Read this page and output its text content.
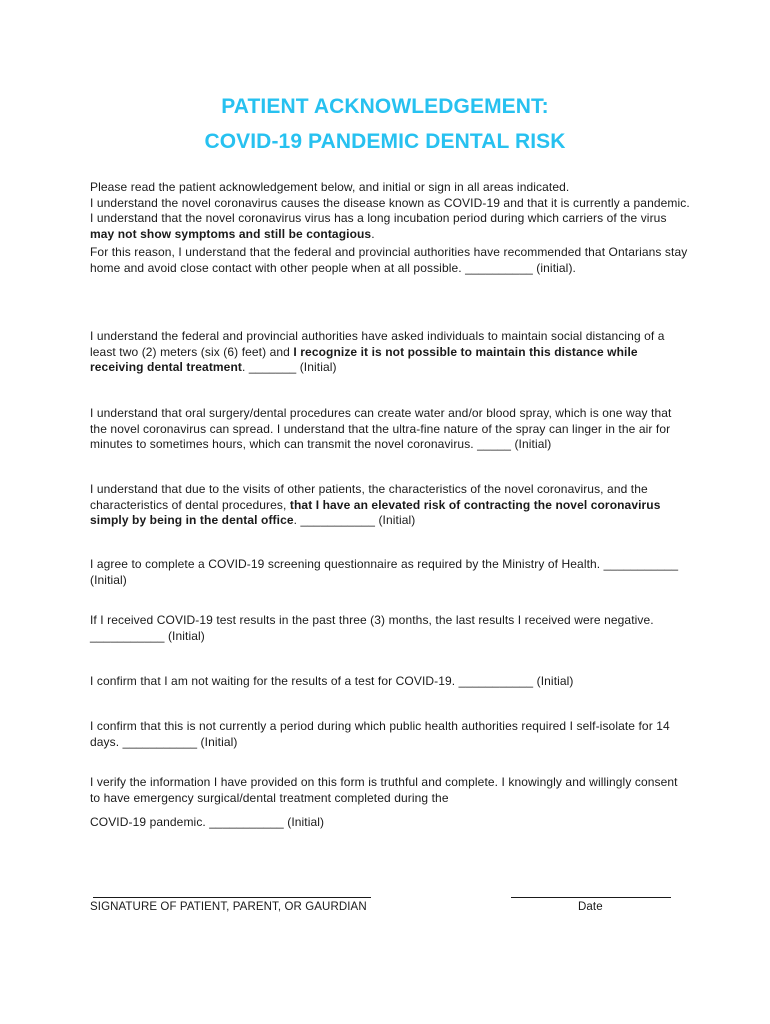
PATIENT ACKNOWLEDGEMENT:
COVID-19 PANDEMIC DENTAL RISK
Please read the patient acknowledgement below, and initial or sign in all areas indicated.
I understand the novel coronavirus causes the disease known as COVID-19 and that it is currently a pandemic. I understand that the novel coronavirus virus has a long incubation period during which carriers of the virus may not show symptoms and still be contagious.
For this reason, I understand that the federal and provincial authorities have recommended that Ontarians stay home and avoid close contact with other people when at all possible. __________ (initial).
I understand the federal and provincial authorities have asked individuals to maintain social distancing of a least two (2) meters (six (6) feet) and I recognize it is not possible to maintain this distance while receiving dental treatment. _______ (Initial)
I understand that oral surgery/dental procedures can create water and/or blood spray, which is one way that the novel coronavirus can spread. I understand that the ultra-fine nature of the spray can linger in the air for minutes to sometimes hours, which can transmit the novel coronavirus. _____ (Initial)
I understand that due to the visits of other patients, the characteristics of the novel coronavirus, and the characteristics of dental procedures, that I have an elevated risk of contracting the novel coronavirus simply by being in the dental office. ___________ (Initial)
I agree to complete a COVID-19 screening questionnaire as required by the Ministry of Health. ___________ (Initial)
If I received COVID-19 test results in the past three (3) months, the last results I received were negative. ___________ (Initial)
I confirm that I am not waiting for the results of a test for COVID-19. ___________ (Initial)
I confirm that this is not currently a period during which public health authorities required I self-isolate for 14 days. ___________ (Initial)
I verify the information I have provided on this form is truthful and complete. I knowingly and willingly consent to have emergency surgical/dental treatment completed during the
COVID-19 pandemic. ___________ (Initial)
SIGNATURE OF PATIENT, PARENT, OR GAURDIAN	Date
